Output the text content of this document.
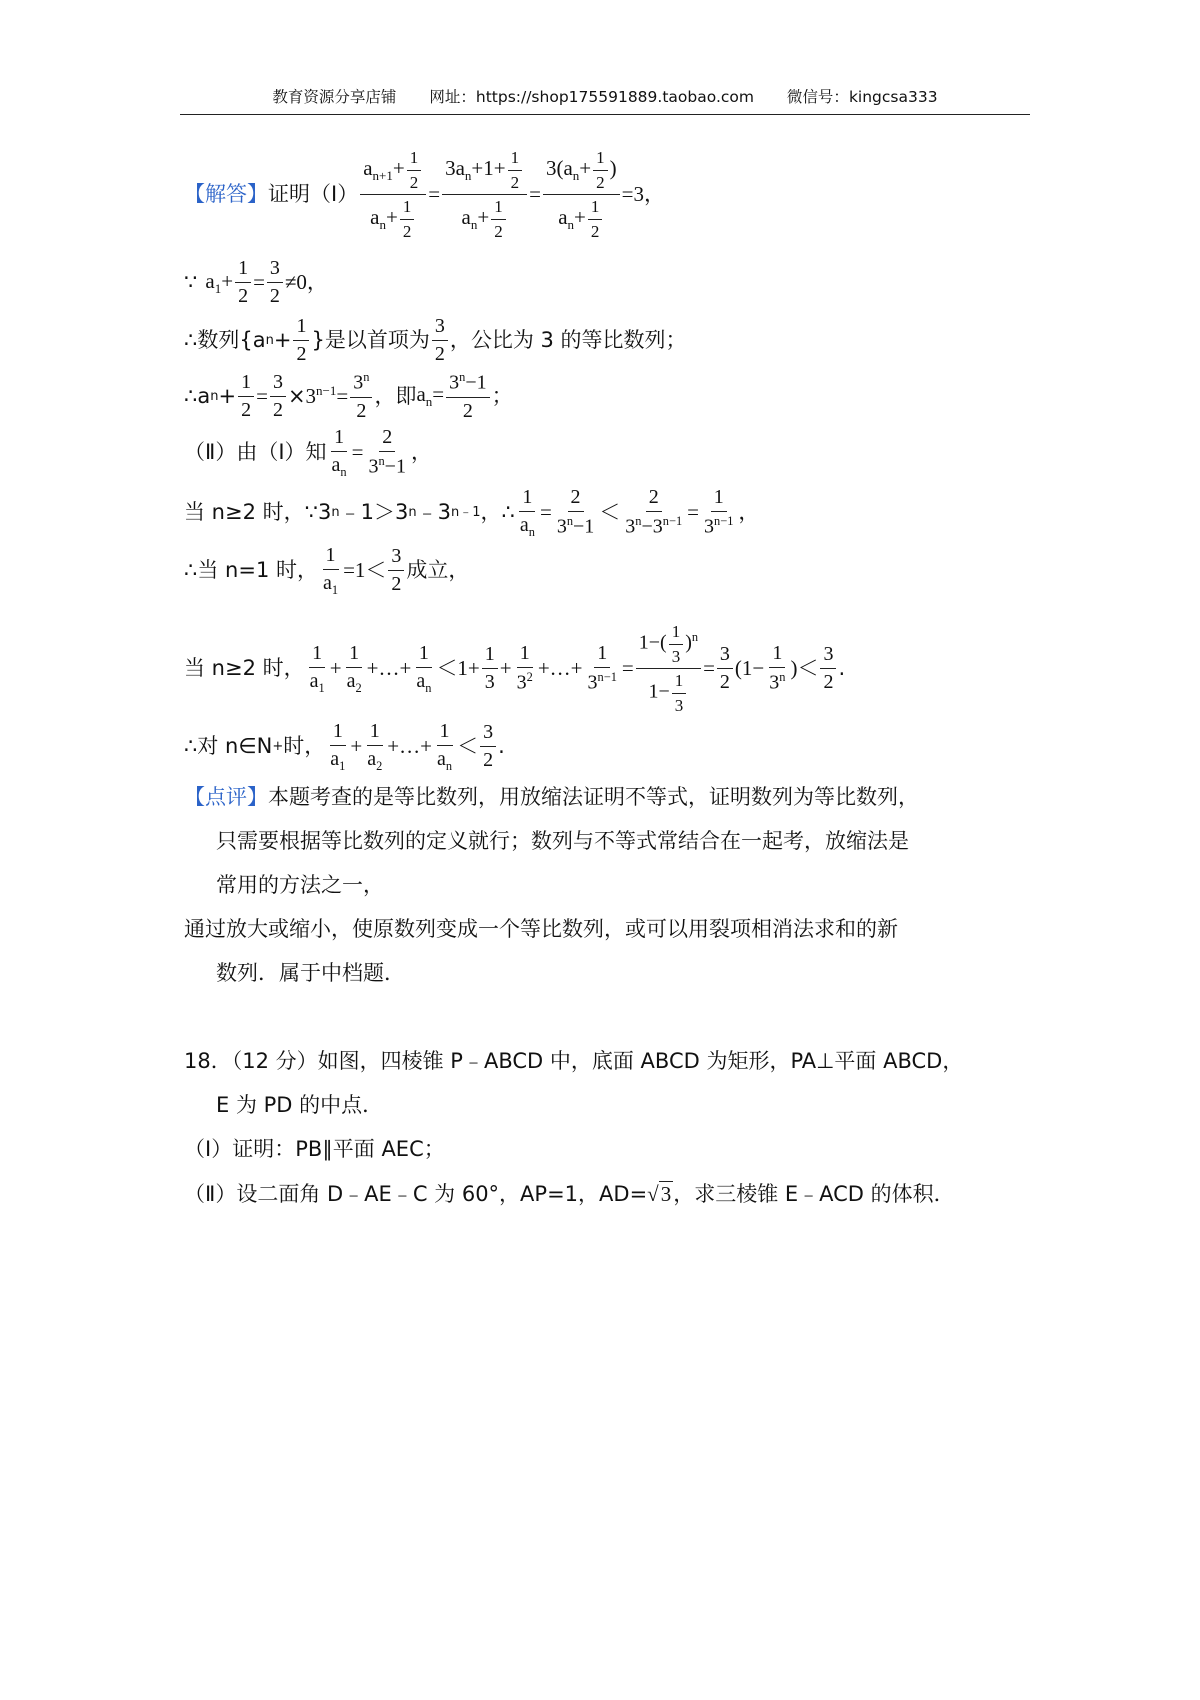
教育资源分享店铺 网址：https://shop175591889.taobao.com 微信号：kingcsa333
【解答】 证明（Ⅰ） $\frac{a_{n+1}+ \frac{1}{2}}{a_n+ \frac{1}{2}} = \frac{3a_n+1+ \frac{1}{2}}{a_n+ \frac{1}{2}} = \frac{3(a_n+ \frac{1}{2} )}{a_n+ \frac{1}{2}} =3$，
∵ $a_1+ \frac{1}{2} = \frac{3}{2} \ne 0$，
∴数列{a $n + \frac{1}{2}$ }是以首项为 $\frac{3}{2}$ ，公比为 3 的等比数列；
∴a $n + \frac{1}{2} = \frac{3}{2} \times 3^{n-1} = \frac{3^n}{2}$ ，即 $a_n= \frac{3^n-1}{2}$ ；
（Ⅱ）由（Ⅰ）知 $\frac{1}{a_n} = \frac{2}{3^n-1}$ ，
当 n≥2 时，∵3 n ﹣1＞3 n ﹣3 n﹣1 ，∴ $\frac{1}{a_n} = \frac{2}{3^n-1} < \frac{2}{3^n-3^{n-1}} = \frac{1}{3^{n-1}}$ ，
∴当 n=1 时， $\frac{1}{a_1} =1< \frac{3}{2}$ 成立，
当 n≥2 时， $\frac{1}{a_1} + \frac{1}{a_2}$ +…+ $\frac{1}{a_n} <1+ \frac{1}{3} + \frac{1}{3^2}$ +…+ $\frac{1}{3^{n-1}} = \frac{1-( \frac{1}{3} )^n}{1- \frac{1}{3}} = \frac{3}{2} (1- \frac{1}{3^n}$ ) ＜ $\frac{3}{2}$ .
∴对 n∈N + 时， $\frac{1}{a_1} + \frac{1}{a_2}$ +…+ $\frac{1}{a_n} < \frac{3}{2}$ .
【点评】 本题考查的是等比数列，用放缩法证明不等式，证明数列为等比数列，
只需要根据等比数列的定义就行；数列与不等式常结合在一起考，放缩法是
常用的方法之一，
通过放大或缩小，使原数列变成一个等比数列，或可以用裂项相消法求和的新
数列．属于中档题．
18．（12 分）如图，四棱锥 P﹣ABCD 中，底面 ABCD 为矩形，PA⊥平面 ABCD，
E 为 PD 的中点．
（Ⅰ）证明：PB∥平面 AEC；
（Ⅱ）设二面角 D﹣AE﹣C 为 60°，AP=1，AD= √ 3 ，求三棱锥 E﹣ACD 的体积．
